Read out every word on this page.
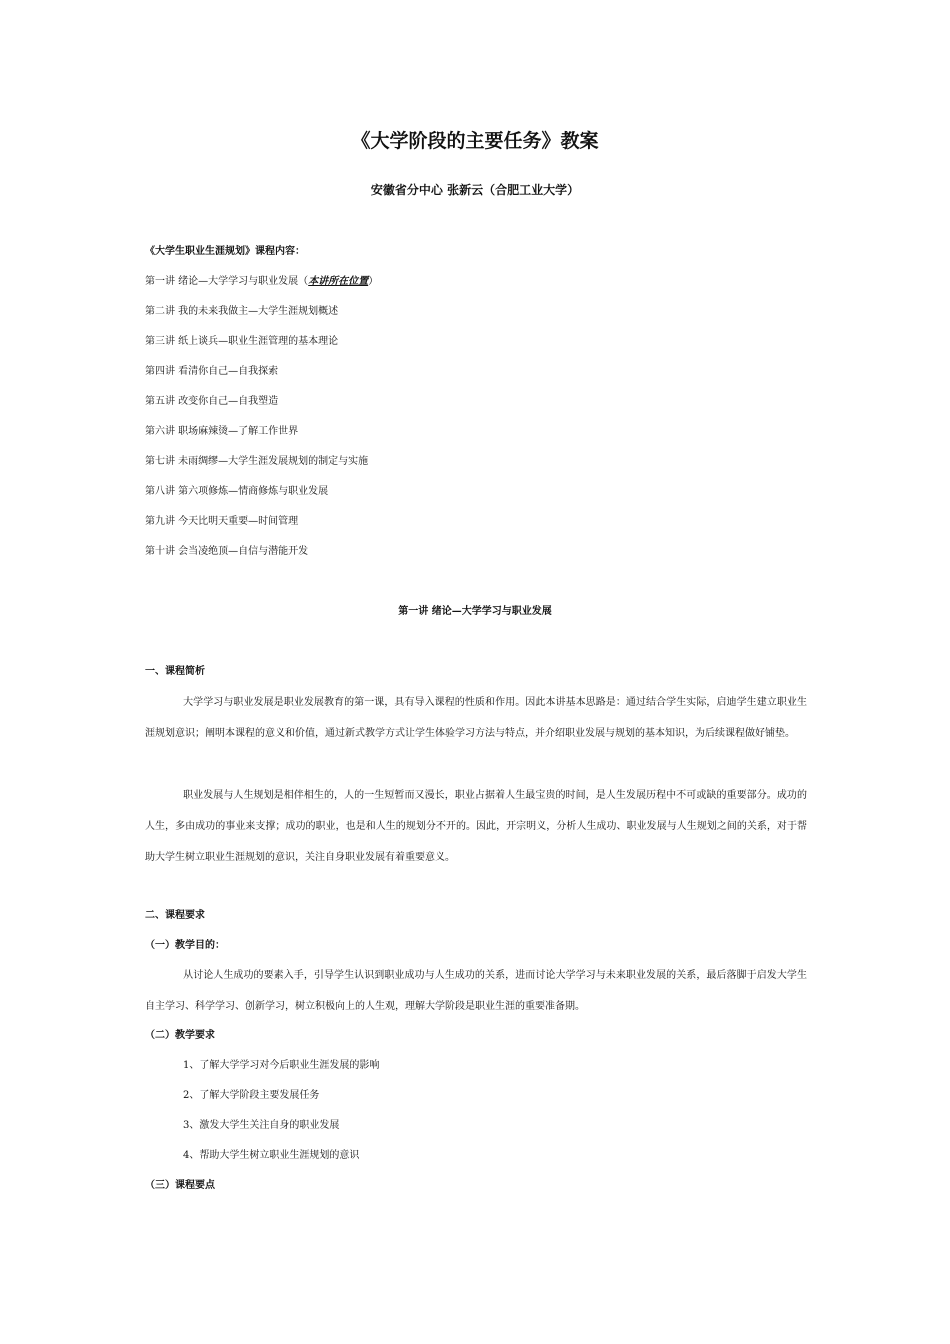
《大学阶段的主要任务》教案
安徽省分中心 张新云（合肥工业大学）
《大学生职业生涯规划》课程内容：
第一讲 绪论—大学学习与职业发展（本讲所在位置）
第二讲 我的未来我做主—大学生涯规划概述
第三讲 纸上谈兵—职业生涯管理的基本理论
第四讲 看清你自己—自我探索
第五讲 改变你自己—自我塑造
第六讲 职场麻辣烫—了解工作世界
第七讲 未雨绸缪—大学生涯发展规划的制定与实施
第八讲 第六项修炼—情商修炼与职业发展
第九讲 今天比明天重要—时间管理
第十讲 会当凌绝顶—自信与潜能开发
第一讲 绪论—大学学习与职业发展
一、课程简析
大学学习与职业发展是职业发展教育的第一课，具有导入课程的性质和作用。因此本讲基本思路是：通过结合学生实际，启迪学生建立职业生涯规划意识；阐明本课程的意义和价值，通过新式教学方式让学生体验学习方法与特点，并介绍职业发展与规划的基本知识，为后续课程做好铺垫。
职业发展与人生规划是相伴相生的，人的一生短暂而又漫长，职业占据着人生最宝贵的时间，是人生发展历程中不可或缺的重要部分。成功的人生，多由成功的事业来支撑；成功的职业，也是和人生的规划分不开的。因此，开宗明义，分析人生成功、职业发展与人生规划之间的关系，对于帮助大学生树立职业生涯规划的意识，关注自身职业发展有着重要意义。
二、课程要求
（一）教学目的：
从讨论人生成功的要素入手，引导学生认识到职业成功与人生成功的关系，进而讨论大学学习与未来职业发展的关系，最后落脚于启发大学生自主学习、科学学习、创新学习，树立积极向上的人生观，理解大学阶段是职业生涯的重要准备期。
（二）教学要求
1、了解大学学习对今后职业生涯发展的影响
2、了解大学阶段主要发展任务
3、激发大学生关注自身的职业发展
4、帮助大学生树立职业生涯规划的意识
（三）课程要点
